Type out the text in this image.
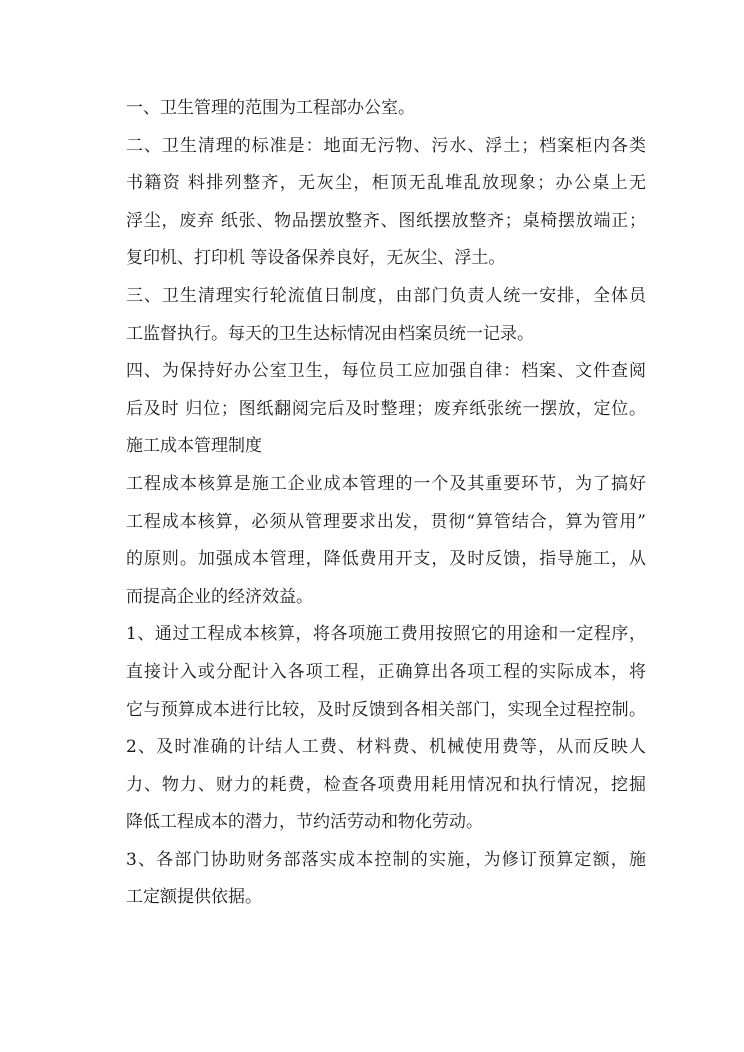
一、卫生管理的范围为工程部办公室。
二、卫生清理的标准是：地面无污物、污水、浮土；档案柜内各类
书籍资 料排列整齐，无灰尘，柜顶无乱堆乱放现象；办公桌上无
浮尘，废弃 纸张、物品摆放整齐、图纸摆放整齐；桌椅摆放端正；
复印机、打印机 等设备保养良好，无灰尘、浮土。
三、卫生清理实行轮流值日制度，由部门负责人统一安排，全体员
工监督执行。每天的卫生达标情况由档案员统一记录。
四、为保持好办公室卫生，每位员工应加强自律：档案、文件查阅
后及时 归位；图纸翻阅完后及时整理；废弃纸张统一摆放，定位。
施工成本管理制度
工程成本核算是施工企业成本管理的一个及其重要环节，为了搞好
工程成本核算，必须从管理要求出发，贯彻“算管结合，算为管用”
的原则。加强成本管理，降低费用开支，及时反馈，指导施工，从
而提高企业的经济效益。
1、通过工程成本核算，将各项施工费用按照它的用途和一定程序，
直接计入或分配计入各项工程，正确算出各项工程的实际成本，将
它与预算成本进行比较，及时反馈到各相关部门，实现全过程控制。
2、及时准确的计结人工费、材料费、机械使用费等，从而反映人
力、物力、财力的耗费，检查各项费用耗用情况和执行情况，挖掘
降低工程成本的潜力，节约活劳动和物化劳动。
3、各部门协助财务部落实成本控制的实施，为修订预算定额，施
工定额提供依据。
